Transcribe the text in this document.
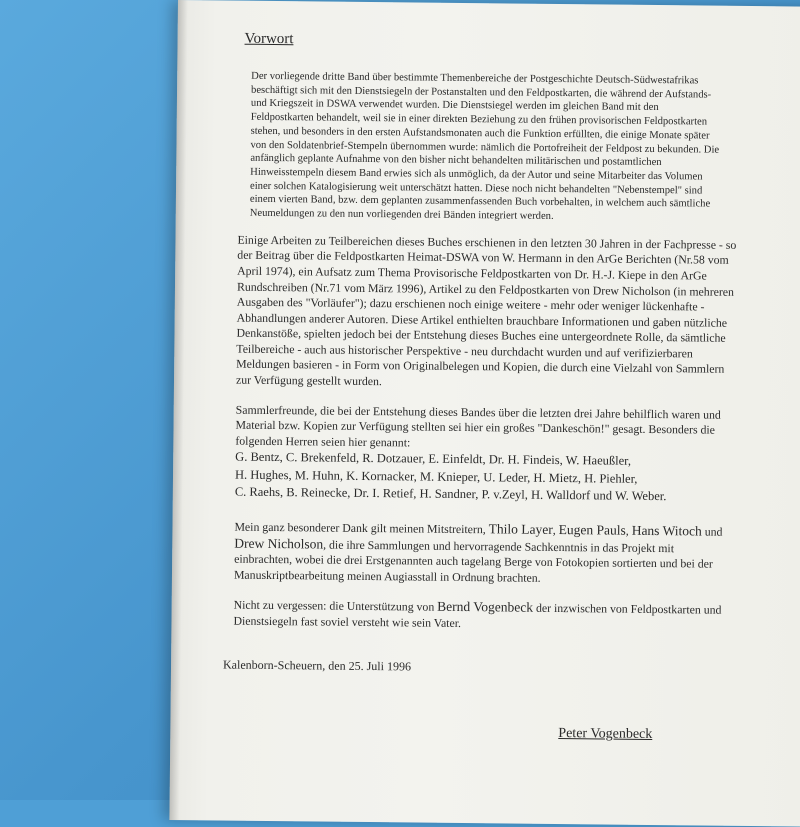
Vorwort
Der vorliegende dritte Band über bestimmte Themenbereiche der Postgeschichte Deutsch-Südwestafrikas beschäftigt sich mit den Dienstsiegeln der Postanstalten und den Feldpostkarten, die während der Aufstands- und Kriegszeit in DSWA verwendet wurden. Die Dienstsiegel werden im gleichen Band mit den Feldpostkarten behandelt, weil sie in einer direkten Beziehung zu den frühen provisorischen Feldpostkarten stehen, und besonders in den ersten Aufstandsmonaten auch die Funktion erfüllten, die einige Monate später von den Soldatenbrief-Stempeln übernommen wurde: nämlich die Portofreiheit der Feldpost zu bekunden. Die anfänglich geplante Aufnahme von den bisher nicht behandelten militärischen und postamtlichen Hinweisstempeln diesem Band erwies sich als unmöglich, da der Autor und seine Mitarbeiter das Volumen einer solchen Katalogisierung weit unterschätzt hatten. Diese noch nicht behandelten "Nebenstempel" sind einem vierten Band, bzw. dem geplanten zusammenfassenden Buch vorbehalten, in welchem auch sämtliche Neumeldungen zu den nun vorliegenden drei Bänden integriert werden.
Einige Arbeiten zu Teilbereichen dieses Buches erschienen in den letzten 30 Jahren in der Fachpresse - so der Beitrag über die Feldpostkarten Heimat-DSWA von W. Hermann in den ArGe Berichten (Nr.58 vom April 1974), ein Aufsatz zum Thema Provisorische Feldpostkarten von Dr. H.-J. Kiepe in den ArGe Rundschreiben (Nr.71 vom März 1996), Artikel zu den Feldpostkarten von Drew Nicholson (in mehreren Ausgaben des "Vorläufer"); dazu erschienen noch einige weitere - mehr oder weniger lückenhafte - Abhandlungen anderer Autoren. Diese Artikel enthielten brauchbare Informationen und gaben nützliche Denkanstöße, spielten jedoch bei der Entstehung dieses Buches eine untergeordnete Rolle, da sämtliche Teilbereiche - auch aus historischer Perspektive - neu durchdacht wurden und auf verifizierbaren Meldungen basieren - in Form von Originalbelegen und Kopien, die durch eine Vielzahl von Sammlern zur Verfügung gestellt wurden.
Sammlerfreunde, die bei der Entstehung dieses Bandes über die letzten drei Jahre behilflich waren und Material bzw. Kopien zur Verfügung stellten sei hier ein großes "Dankeschön!" gesagt. Besonders die folgenden Herren seien hier genannt:
G. Bentz, C. Brekenfeld, R. Dotzauer, E. Einfeldt, Dr. H. Findeis, W. Haeußler,
H. Hughes, M. Huhn, K. Kornacker, M. Knieper, U. Leder, H. Mietz, H. Piehler,
C. Raehs, B. Reinecke, Dr. I. Retief, H. Sandner, P. v.Zeyl, H. Walldorf und W. Weber.
Mein ganz besonderer Dank gilt meinen Mitstreitern, Thilo Layer, Eugen Pauls, Hans Witoch und Drew Nicholson, die ihre Sammlungen und hervorragende Sachkenntnis in das Projekt mit einbrachten, wobei die drei Erstgenannten auch tagelang Berge von Fotokopien sortierten und bei der Manuskriptbearbeitung meinen Augiasstall in Ordnung brachten.
Nicht zu vergessen: die Unterstützung von Bernd Vogenbeck der inzwischen von Feldpostkarten und Dienstsiegeln fast soviel versteht wie sein Vater.
Kalenborn-Scheuern, den 25. Juli 1996
Peter Vogenbeck
